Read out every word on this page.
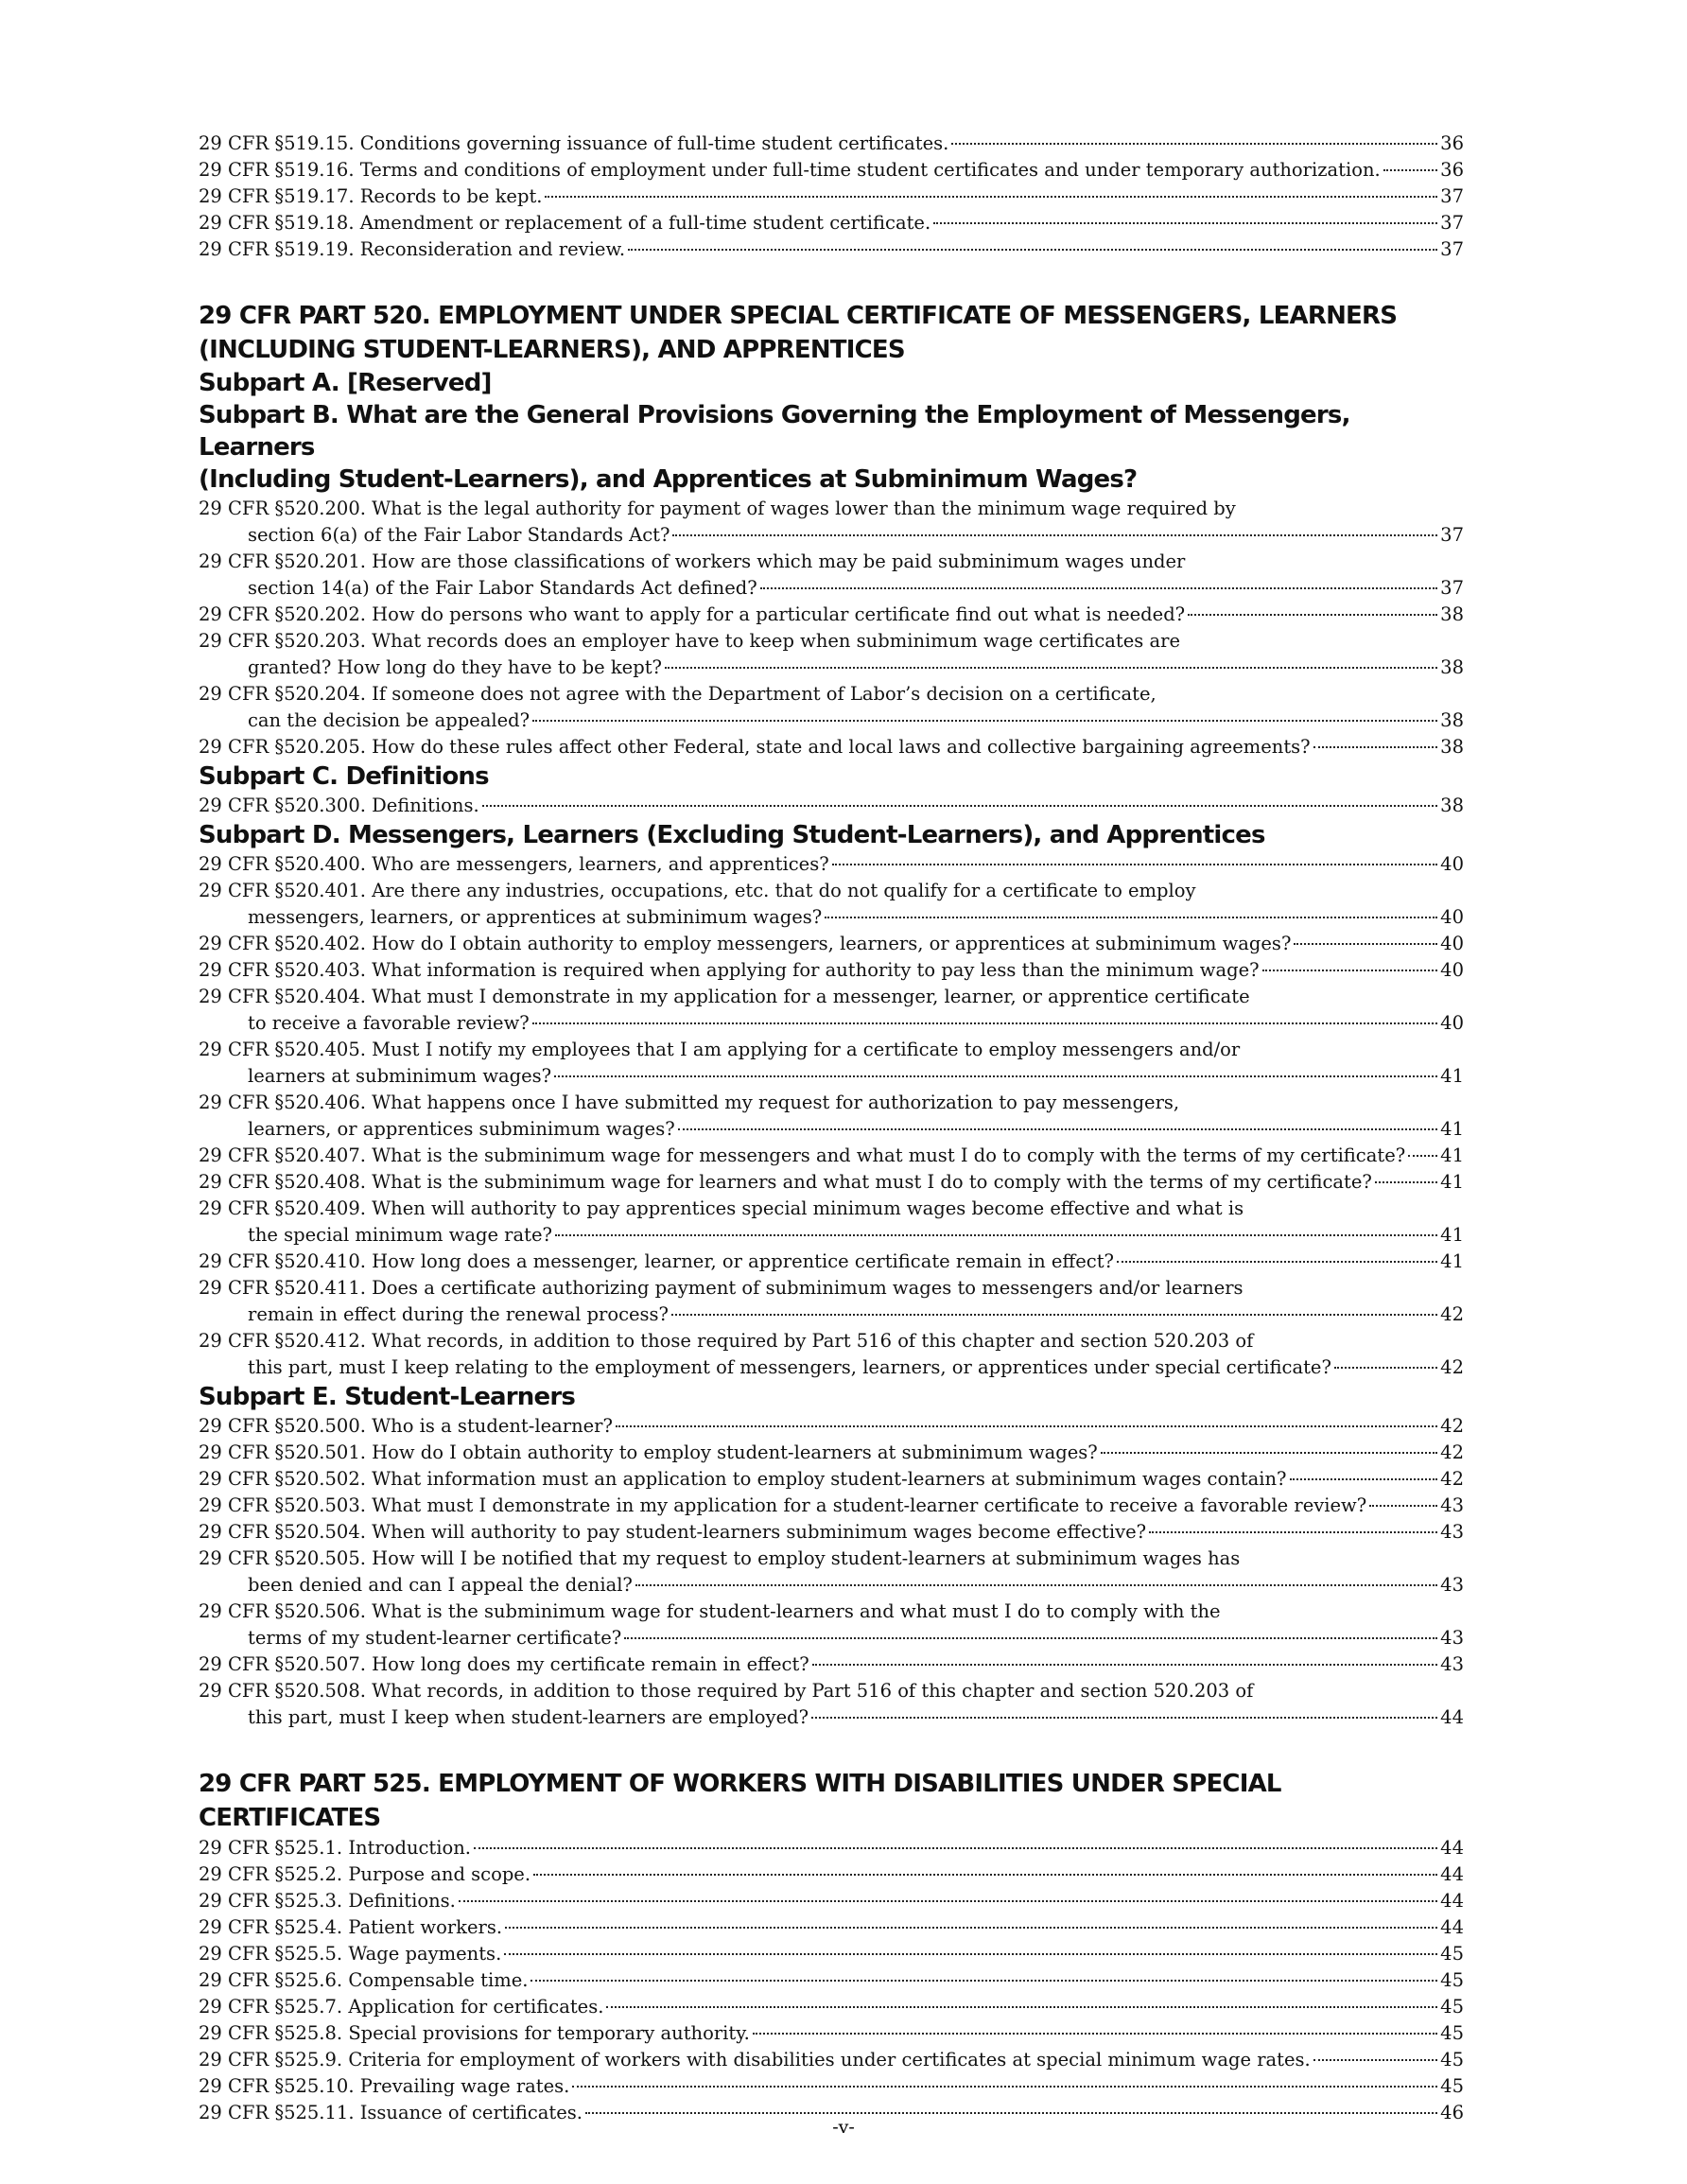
29 CFR §519.15. Conditions governing issuance of full-time student certificates.	36
29 CFR §519.16. Terms and conditions of employment under full-time student certificates and under temporary authorization.	36
29 CFR §519.17. Records to be kept.	37
29 CFR §519.18. Amendment or replacement of a full-time student certificate.	37
29 CFR §519.19. Reconsideration and review.	37
29 CFR PART 520. EMPLOYMENT UNDER SPECIAL CERTIFICATE OF MESSENGERS, LEARNERS
(INCLUDING STUDENT-LEARNERS), AND APPRENTICES
Subpart A. [Reserved]
Subpart B. What are the General Provisions Governing the Employment of Messengers, Learners
(Including Student-Learners), and Apprentices at Subminimum Wages?
29 CFR §520.200. What is the legal authority for payment of wages lower than the minimum wage required by
section 6(a) of the Fair Labor Standards Act?	37
29 CFR §520.201. How are those classifications of workers which may be paid subminimum wages under
section 14(a) of the Fair Labor Standards Act defined?	37
29 CFR §520.202. How do persons who want to apply for a particular certificate find out what is needed?	38
29 CFR §520.203. What records does an employer have to keep when subminimum wage certificates are
granted? How long do they have to be kept?	38
29 CFR §520.204. If someone does not agree with the Department of Labor’s decision on a certificate,
can the decision be appealed?	38
29 CFR §520.205. How do these rules affect other Federal, state and local laws and collective bargaining agreements?	38
Subpart C. Definitions
29 CFR §520.300. Definitions.	38
Subpart D. Messengers, Learners (Excluding Student-Learners), and Apprentices
29 CFR §520.400. Who are messengers, learners, and apprentices?	40
29 CFR §520.401. Are there any industries, occupations, etc. that do not qualify for a certificate to employ
messengers, learners, or apprentices at subminimum wages?	40
29 CFR §520.402. How do I obtain authority to employ messengers, learners, or apprentices at subminimum wages?	40
29 CFR §520.403. What information is required when applying for authority to pay less than the minimum wage?	40
29 CFR §520.404. What must I demonstrate in my application for a messenger, learner, or apprentice certificate
to receive a favorable review?	40
29 CFR §520.405. Must I notify my employees that I am applying for a certificate to employ messengers and/or
learners at subminimum wages?	41
29 CFR §520.406. What happens once I have submitted my request for authorization to pay messengers,
learners, or apprentices subminimum wages?	41
29 CFR §520.407. What is the subminimum wage for messengers and what must I do to comply with the terms of my certificate? 41
29 CFR §520.408. What is the subminimum wage for learners and what must I do to comply with the terms of my certificate?	41
29 CFR §520.409. When will authority to pay apprentices special minimum wages become effective and what is
the special minimum wage rate?	41
29 CFR §520.410. How long does a messenger, learner, or apprentice certificate remain in effect?	41
29 CFR §520.411. Does a certificate authorizing payment of subminimum wages to messengers and/or learners
remain in effect during the renewal process?	42
29 CFR §520.412. What records, in addition to those required by Part 516 of this chapter and section 520.203 of
this part, must I keep relating to the employment of messengers, learners, or apprentices under special certificate?	42
Subpart E. Student-Learners
29 CFR §520.500. Who is a student-learner?	42
29 CFR §520.501. How do I obtain authority to employ student-learners at subminimum wages?	42
29 CFR §520.502. What information must an application to employ student-learners at subminimum wages contain?	42
29 CFR §520.503. What must I demonstrate in my application for a student-learner certificate to receive a favorable review?	43
29 CFR §520.504. When will authority to pay student-learners subminimum wages become effective?	43
29 CFR §520.505. How will I be notified that my request to employ student-learners at subminimum wages has
been denied and can I appeal the denial?	43
29 CFR §520.506. What is the subminimum wage for student-learners and what must I do to comply with the
terms of my student-learner certificate?	43
29 CFR §520.507. How long does my certificate remain in effect?	43
29 CFR §520.508. What records, in addition to those required by Part 516 of this chapter and section 520.203 of
this part, must I keep when student-learners are employed?	44
29 CFR PART 525. EMPLOYMENT OF WORKERS WITH DISABILITIES UNDER SPECIAL CERTIFICATES
29 CFR §525.1. Introduction.	44
29 CFR §525.2. Purpose and scope.	44
29 CFR §525.3. Definitions.	44
29 CFR §525.4. Patient workers.	44
29 CFR §525.5. Wage payments.	45
29 CFR §525.6. Compensable time.	45
29 CFR §525.7. Application for certificates.	45
29 CFR §525.8. Special provisions for temporary authority.	45
29 CFR §525.9. Criteria for employment of workers with disabilities under certificates at special minimum wage rates.	45
29 CFR §525.10. Prevailing wage rates.	45
29 CFR §525.11. Issuance of certificates.	46
-v-
